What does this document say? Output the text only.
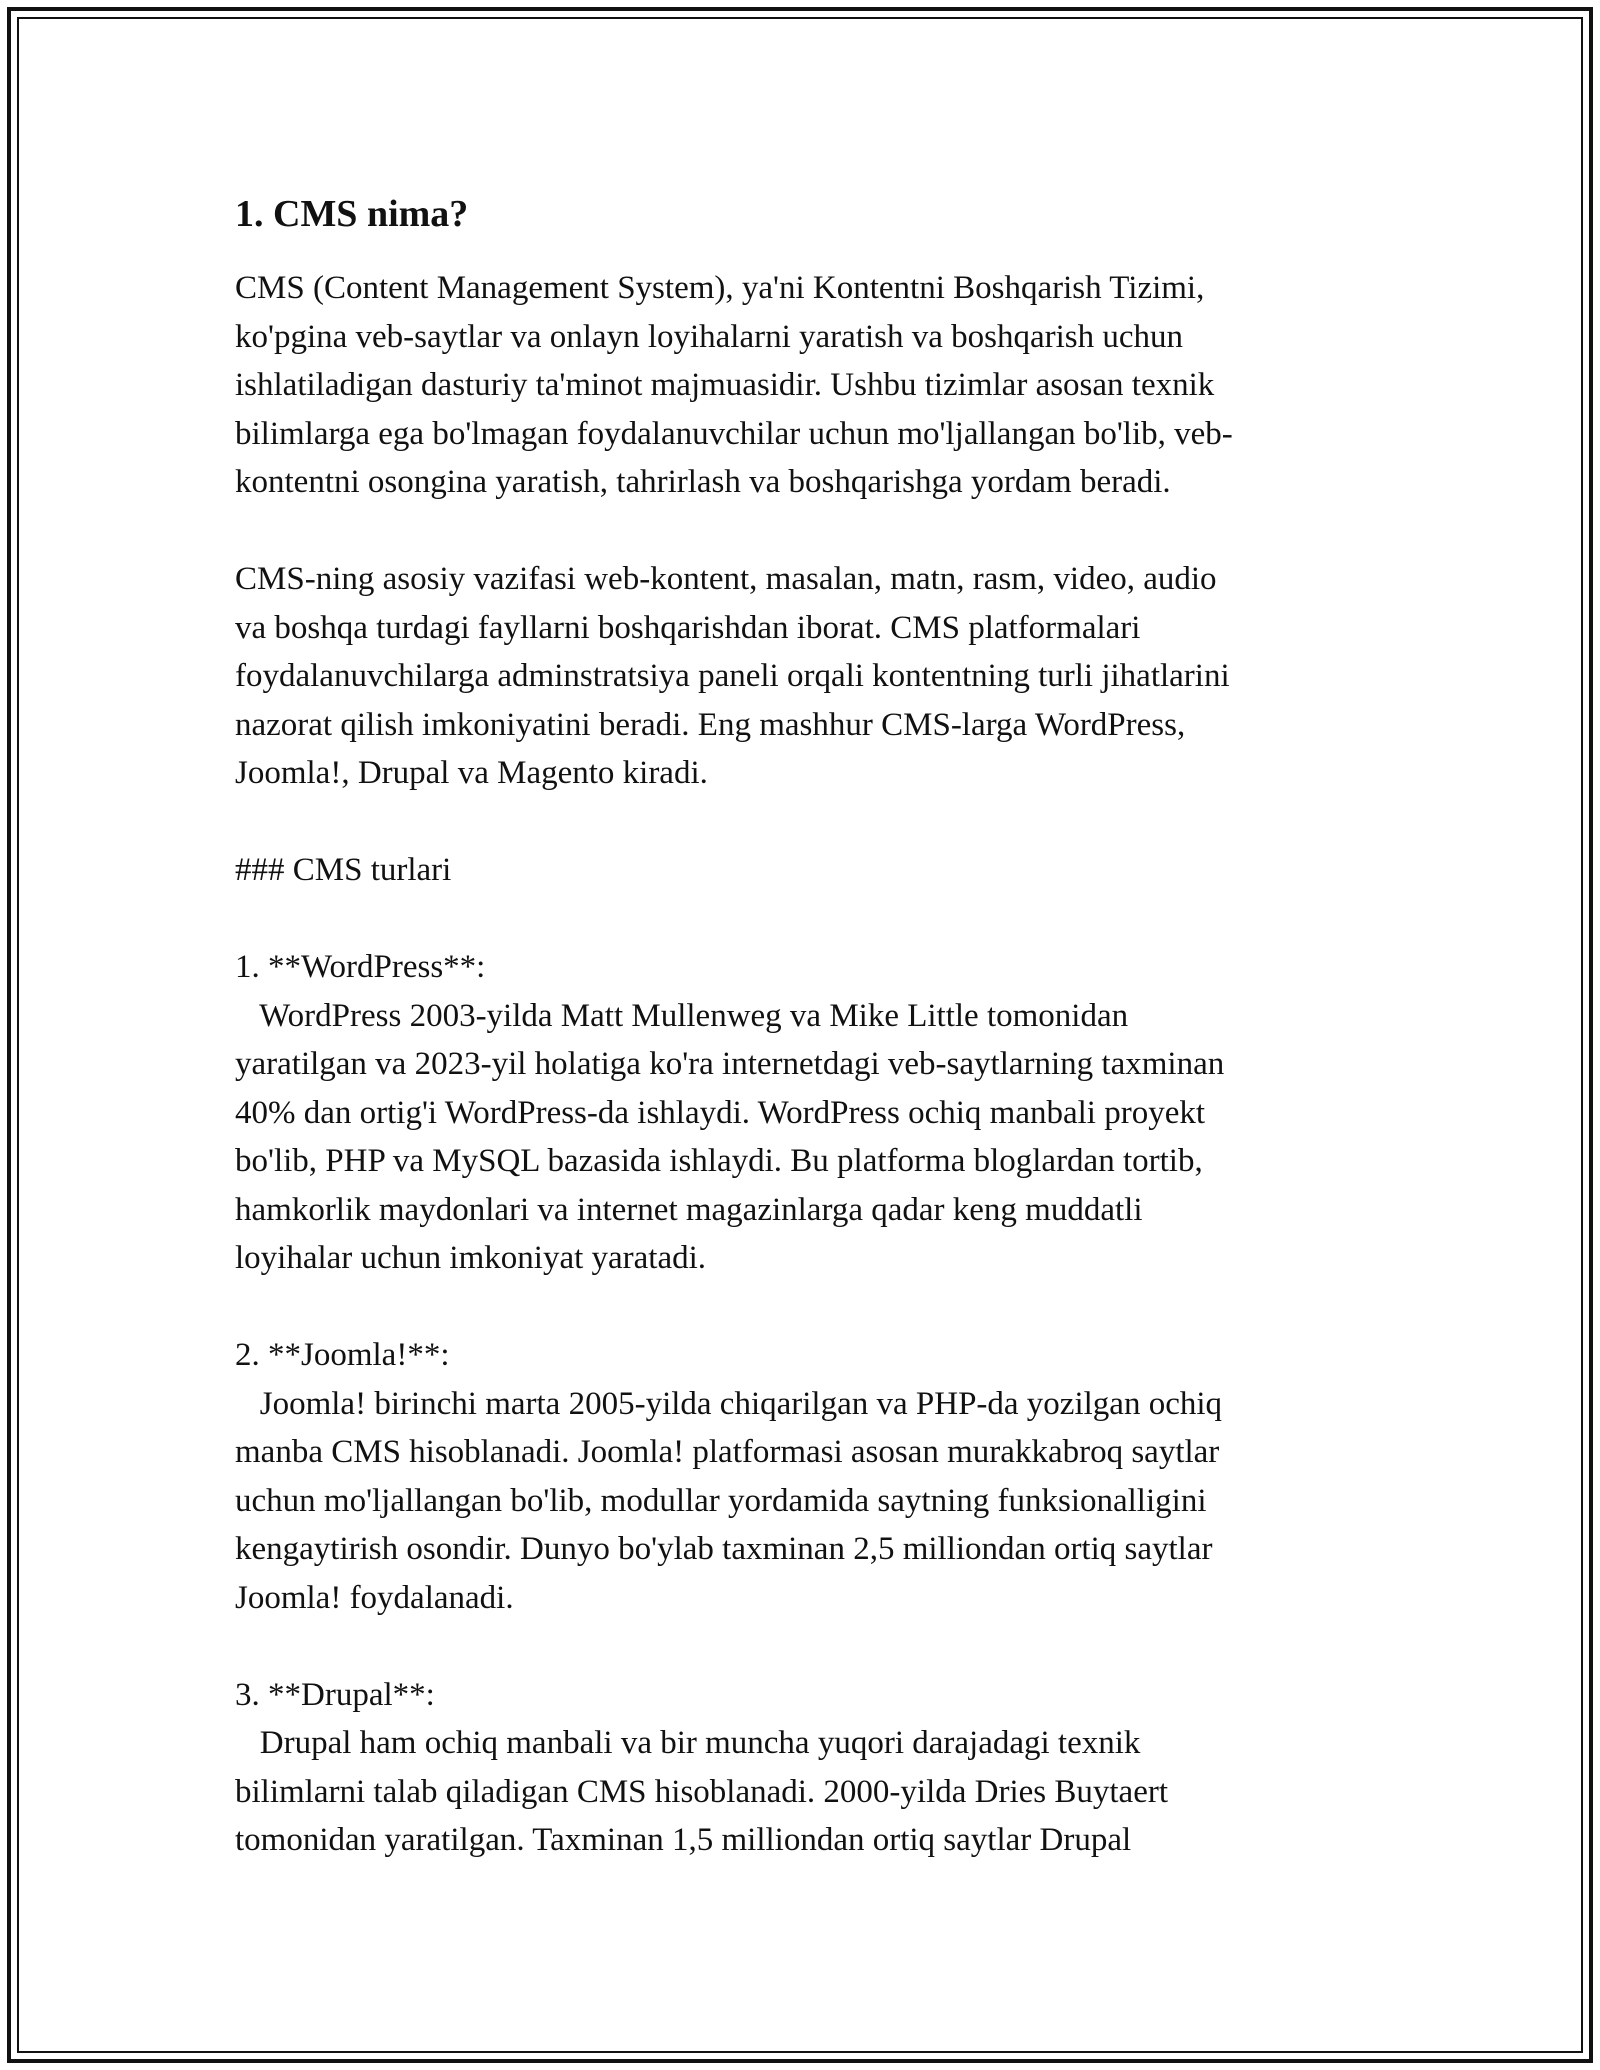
1. CMS nima?
CMS (Content Management System), ya'ni Kontentni Boshqarish Tizimi,
ko'pgina veb-saytlar va onlayn loyihalarni yaratish va boshqarish uchun
ishlatiladigan dasturiy ta'minot majmuasidir. Ushbu tizimlar asosan texnik
bilimlarga ega bo'lmagan foydalanuvchilar uchun mo'ljallangan bo'lib, veb-
kontentni osongina yaratish, tahrirlash va boshqarishga yordam beradi.
CMS-ning asosiy vazifasi web-kontent, masalan, matn, rasm, video, audio
va boshqa turdagi fayllarni boshqarishdan iborat. CMS platformalari
foydalanuvchilarga adminstratsiya paneli orqali kontentning turli jihatlarini
nazorat qilish imkoniyatini beradi. Eng mashhur CMS-larga WordPress,
Joomla!, Drupal va Magento kiradi.
### CMS turlari
1. **WordPress**:
WordPress 2003-yilda Matt Mullenweg va Mike Little tomonidan
yaratilgan va 2023-yil holatiga ko'ra internetdagi veb-saytlarning taxminan
40% dan ortig'i WordPress-da ishlaydi. WordPress ochiq manbali proyekt
bo'lib, PHP va MySQL bazasida ishlaydi. Bu platforma bloglardan tortib,
hamkorlik maydonlari va internet magazinlarga qadar keng muddatli
loyihalar uchun imkoniyat yaratadi.
2. **Joomla!**:
Joomla! birinchi marta 2005-yilda chiqarilgan va PHP-da yozilgan ochiq
manba CMS hisoblanadi. Joomla! platformasi asosan murakkabroq saytlar
uchun mo'ljallangan bo'lib, modullar yordamida saytning funksionalligini
kengaytirish osondir. Dunyo bo'ylab taxminan 2,5 milliondan ortiq saytlar
Joomla! foydalanadi.
3. **Drupal**:
Drupal ham ochiq manbali va bir muncha yuqori darajadagi texnik
bilimlarni talab qiladigan CMS hisoblanadi. 2000-yilda Dries Buytaert
tomonidan yaratilgan. Taxminan 1,5 milliondan ortiq saytlar Drupal
